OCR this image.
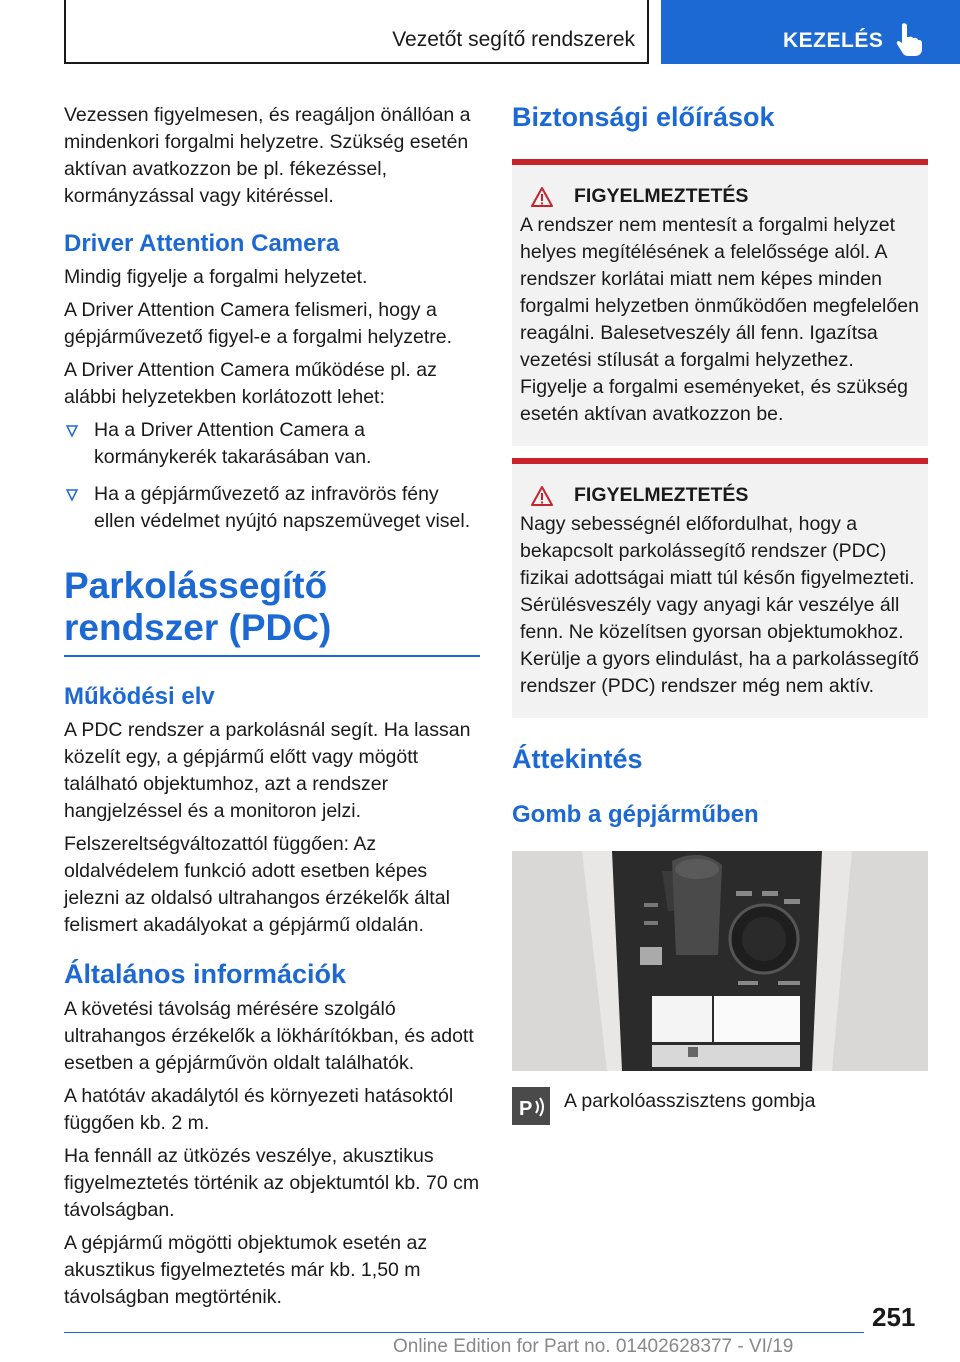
Vezetőt segítő rendszerek	KEZELÉS

Vezessen figyelmesen, és reagáljon önállóan a mindenkori forgalmi helyzetre. Szükség esetén aktívan avatkozzon be pl. fékezéssel, kormányzással vagy kitéréssel.

Driver Attention Camera

Mindig figyelje a forgalmi helyzetet.

A Driver Attention Camera felismeri, hogy a gépjárművezető figyel-e a forgalmi helyzetre.

A Driver Attention Camera működése pl. az alábbi helyzetekben korlátozott lehet:

Ha a Driver Attention Camera a kormánykerék takarásában van.
Ha a gépjárművezető az infravörös fény ellen védelmet nyújtó napszemüveget visel.
Parkolássegítő rendszer (PDC)
Működési elv

A PDC rendszer a parkolásnál segít. Ha lassan közelít egy, a gépjármű előtt vagy mögött található objektumhoz, azt a rendszer hangjelzéssel és a monitoron jelzi.

Felszereltségváltozattól függően: Az oldalvédelem funkció adott esetben képes jelezni az oldalsó ultrahangos érzékelők által felismert akadályokat a gépjármű oldalán.

Általános információk

A követési távolság mérésére szolgáló ultrahangos érzékelők a lökhárítókban, és adott esetben a gépjárművön oldalt találhatók.

A hatótáv akadálytól és környezeti hatásoktól függően kb. 2 m.

Ha fennáll az ütközés veszélye, akusztikus figyelmeztetés történik az objektumtól kb. 70 cm távolságban.

A gépjármű mögötti objektumok esetén az akusztikus figyelmeztetés már kb. 1,50 m távolságban megtörténik.

Biztonsági előírások
FIGYELMEZTETÉS

A rendszer nem mentesít a forgalmi helyzet helyes megítélésének a felelőssége alól. A rendszer korlátai miatt nem képes minden forgalmi helyzetben önműködően megfelelően reagálni. Balesetveszély áll fenn. Igazítsa vezetési stílusát a forgalmi helyzethez. Figyelje a forgalmi eseményeket, és szükség esetén aktívan avatkozzon be.

FIGYELMEZTETÉS

Nagy sebességnél előfordulhat, hogy a bekapcsolt parkolássegítő rendszer (PDC) fizikai adottságai miatt túl későn figyelmezteti. Sérülésveszély vagy anyagi kár veszélye áll fenn. Ne közelítsen gyorsan objektumokhoz. Kerülje a gyors elindulást, ha a parkolássegítő rendszer (PDC) rendszer még nem aktív.

Áttekintés
Gomb a gépjárműben
P A parkolóasszisztens gombja
251
Online Edition for Part no. 01402628377 - VI/19
